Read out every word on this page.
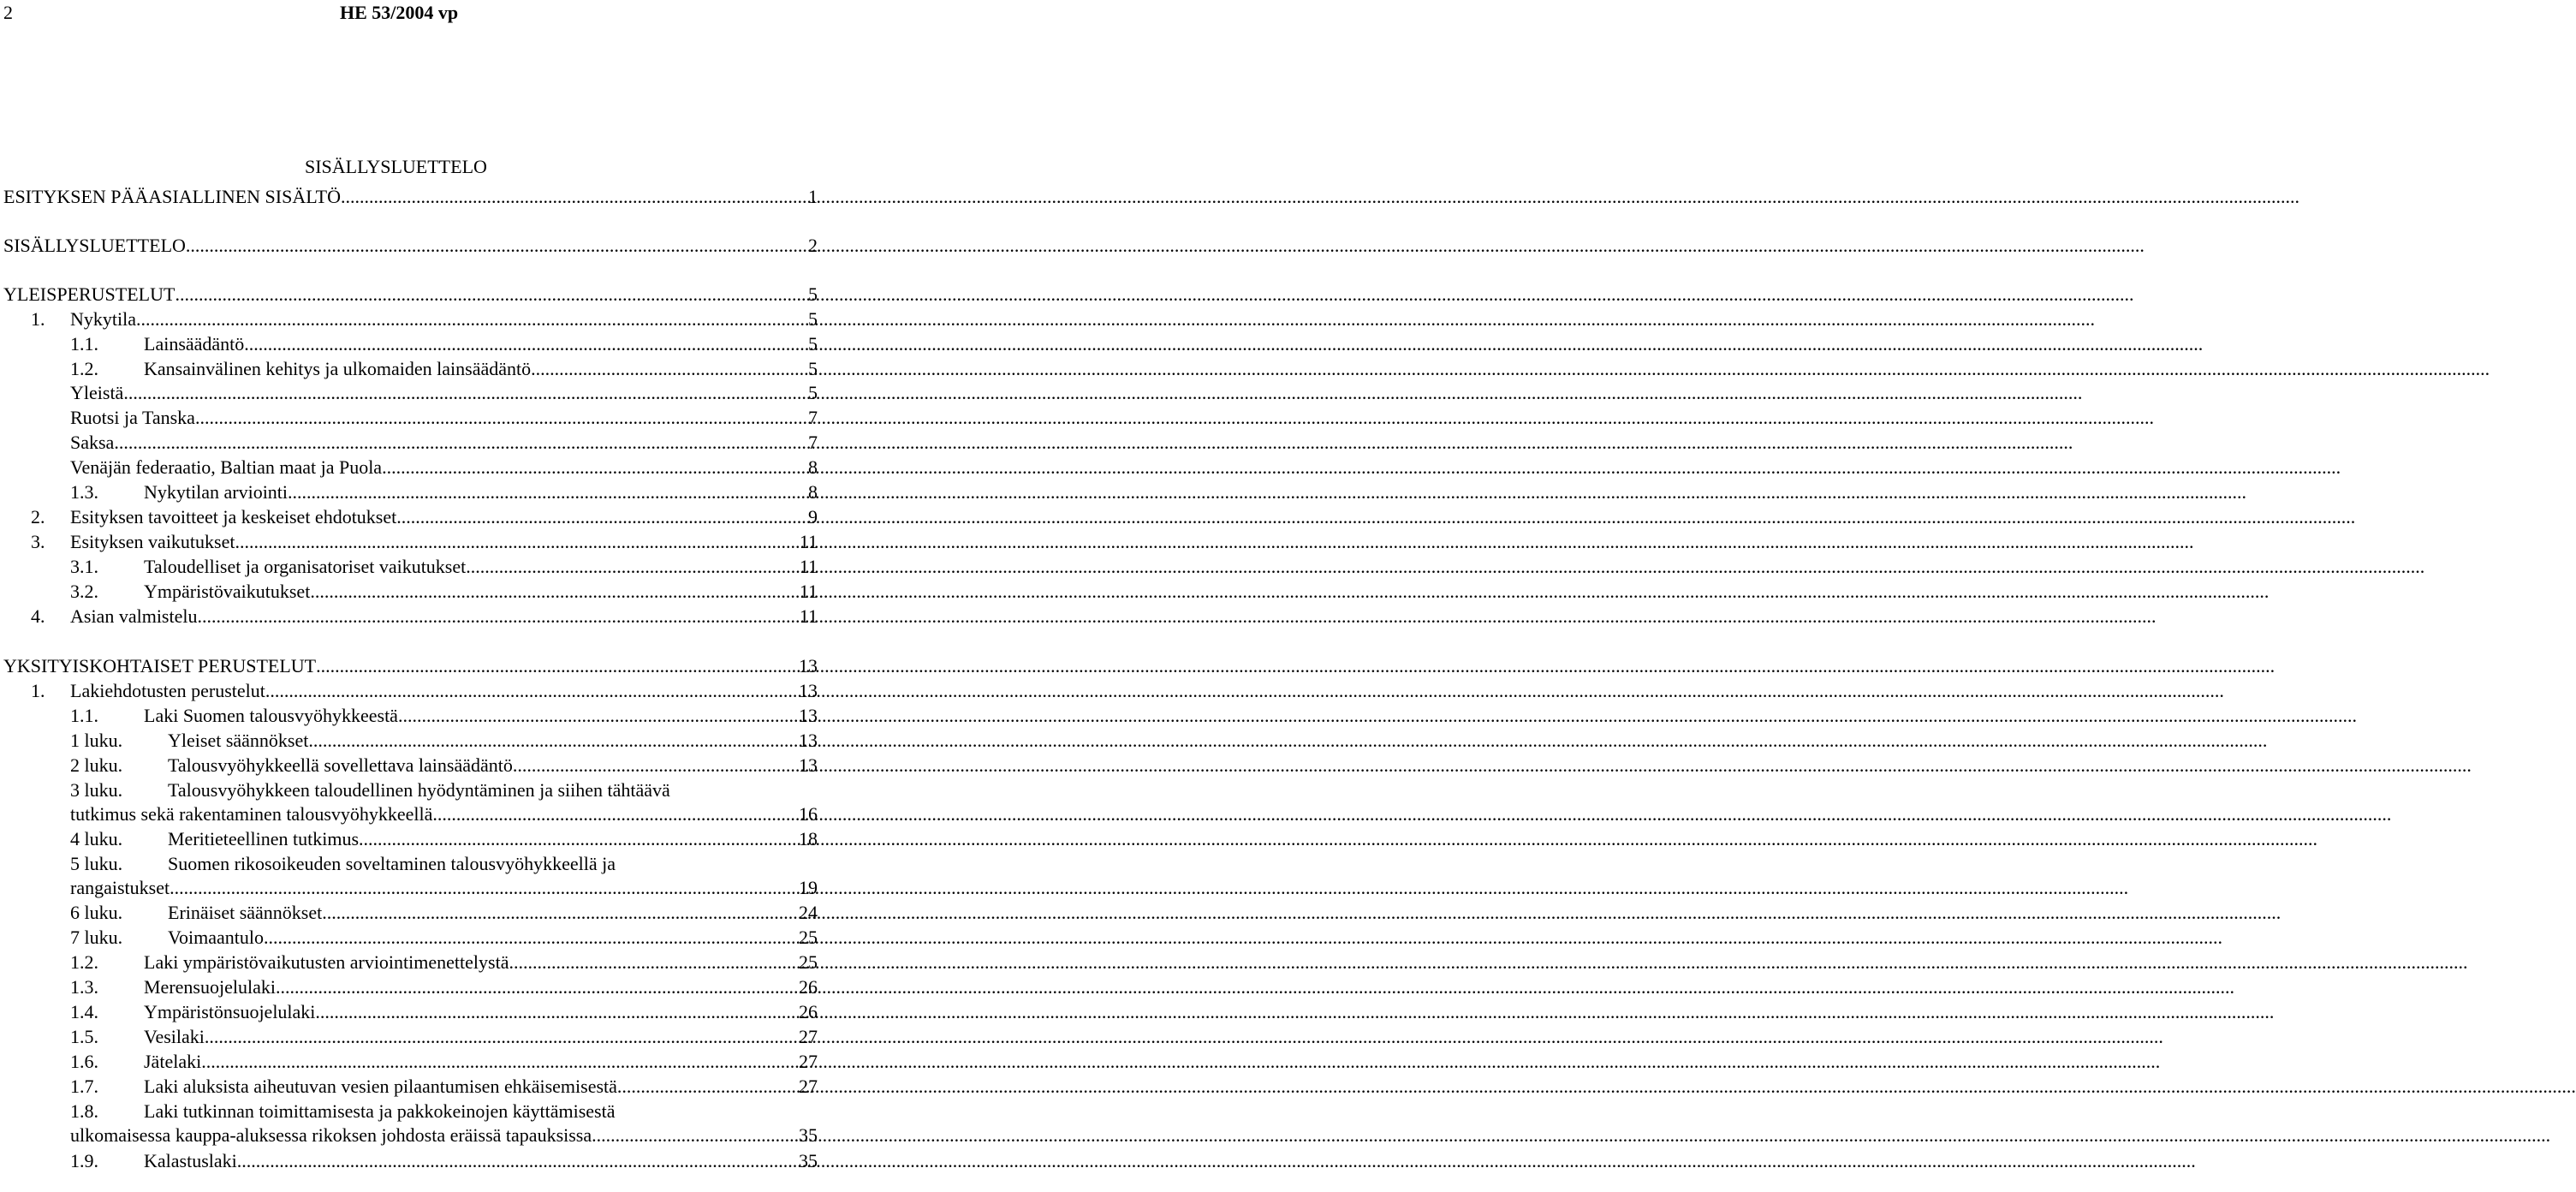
2	HE 53/2004 vp
SISÄLLYSLUETTELO
ESITYKSEN PÄÄASIALLINEN SISÄLTÖ .....	1
SISÄLLYSLUETTELO .....	2
YLEISPERUSTELUT .....	5
1.	Nykytila .....	5
1.1.	Lainsäädäntö .....	5
1.2.	Kansainvälinen kehitys ja ulkomaiden lainsäädäntö .....	5
Yleistä .....	5
Ruotsi ja Tanska .....	7
Saksa .....	7
Venäjän federaatio, Baltian maat ja Puola .....	8
1.3.	Nykytilan arviointi .....	8
2.	Esityksen tavoitteet ja keskeiset ehdotukset .....	9
3.	Esityksen vaikutukset .....	11
3.1.	Taloudelliset ja organisatoriset vaikutukset .....	11
3.2.	Ympäristövaikutukset .....	11
4.	Asian valmistelu .....	11
YKSITYISKOHTAISET PERUSTELUT .....	13
1.	Lakiehdotusten perustelut .....	13
1.1.	Laki Suomen talousvyöhykkeestä .....	13
1 luku.	Yleiset säännökset .....	13
2 luku.	Talousvyöhykkeellä sovellettava lainsäädäntö .....	13
3 luku.	Talousvyöhykkeen taloudellinen hyödyntäminen ja siihen tähtäävä
tutkimus sekä rakentaminen talousvyöhykkeellä .....	16
4 luku.	Meritieteellinen tutkimus .....	18
5 luku.	Suomen rikosoikeuden soveltaminen talousvyöhykkeellä ja
rangaistukset .....	19
6 luku.	Erinäiset säännökset .....	24
7 luku.	Voimaantulo .....	25
1.2.	Laki ympäristövaikutusten arviointimenettelystä .....	25
1.3.	Merensuojelulaki .....	26
1.4.	Ympäristönsuojelulaki .....	26
1.5.	Vesilaki .....	27
1.6.	Jätelaki .....	27
1.7.	Laki aluksista aiheutuvan vesien pilaantumisen ehkäisemisestä .....	27
1.8.	Laki tutkinnan toimittamisesta ja pakkokeinojen käyttämisestä
ulkomaisessa kauppa-aluksessa rikoksen johdosta eräissä tapauksissa .....	35
1.9.	Kalastuslaki .....	35
